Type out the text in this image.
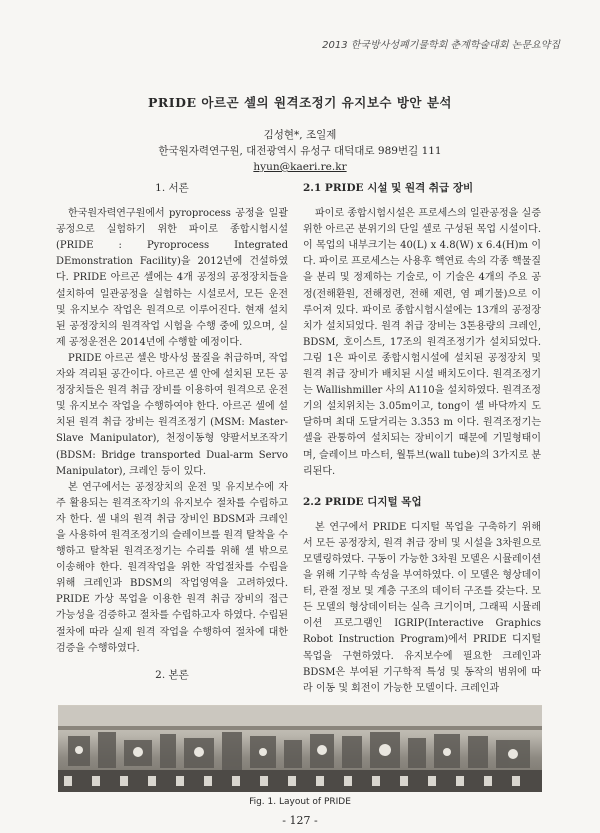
2013 한국방사성폐기물학회 춘계학술대회 논문요약집
PRIDE 아르곤 셀의 원격조정기 유지보수 방안 분석
김성현*, 조일제
한국원자력연구원, 대전광역시 유성구 대덕대로 989번길 111
hyun@kaeri.re.kr
1. 서론

한국원자력연구원에서 pyroprocess 공정을 일괄 공정으로 실험하기 위한 파이로 종합시험시설 (PRIDE : Pyroprocess Integrated DEmonstration Facility)을 2012년에 건설하였다. PRIDE 아르곤 셀에는 4개 공정의 공정장치들을 설치하여 일관공정을 실험하는 시설로서, 모든 운전 및 유지보수 작업은 원격으로 이루어진다. 현재 설치된 공정장치의 원격작업 시험을 수행 중에 있으며, 실제 공정운전은 2014년에 수행할 예정이다.

PRIDE 아르곤 셀은 방사성 물질을 취급하며, 작업자와 격리된 공간이다. 아르곤 셀 안에 설치된 모든 공정장치들은 원격 취급 장비를 이용하여 원격으로 운전 및 유지보수 작업을 수행하여야 한다. 아르곤 셀에 설치된 원격 취급 장비는 원격조정기 (MSM: Master-Slave Manipulator), 천정이동형 양팔서보조작기(BDSM: Bridge transported Dual-arm Servo Manipulator), 크레인 등이 있다.

본 연구에서는 공정장치의 운전 및 유지보수에 자주 활용되는 원격조작기의 유지보수 절차를 수립하고자 한다. 셀 내의 원격 취급 장비인 BDSM과 크레인을 사용하여 원격조정기의 슬레이브를 원격 탈착을 수행하고 탈착된 원격조정기는 수리를 위해 셀 밖으로 이송해야 한다. 원격작업을 위한 작업절차를 수립을 위해 크레인과 BDSM의 작업영역을 고려하였다. PRIDE 가상 목업을 이용한 원격 취급 장비의 접근 가능성을 검증하고 절차를 수립하고자 하였다. 수립된 절차에 따라 실제 원격 작업을 수행하여 절차에 대한 검증을 수행하였다.

2. 본론
2.1 PRIDE 시설 및 원격 취급 장비

파이로 종합시험시설은 프로세스의 일관공정을 실증위한 아르곤 분위기의 단일 셀로 구성된 목업 시설이다. 이 목업의 내부크기는 40(L) x 4.8(W) x 6.4(H)m 이다. 파이로 프로세스는 사용후 핵연료 속의 각종 핵물질을 분리 및 정제하는 기술로, 이 기술은 4개의 주요 공정(전해환원, 전해정련, 전해 제련, 염 폐기물)으로 이루어져 있다. 파이로 종합시험시설에는 13개의 공정장치가 설치되었다. 원격 취급 장비는 3톤용량의 크레인, BDSM, 호이스트, 17조의 원격조정기가 설치되었다. 그림 1은 파이로 종합시험시설에 설치된 공정장치 및 원격 취급 장비가 배치된 시설 배치도이다. 원격조정기는 Wallishmiller 사의 A110을 설치하였다. 원격조정기의 설치위치는 3.05m이고, tong이 셀 바닥까지 도달하며 최대 도달거리는 3.353 m 이다. 원격조정기는 셀을 관통하여 설치되는 장비이기 때문에 기밀형태이며, 슬레이브 마스터, 월튜브(wall tube)의 3가지로 분리된다.

2.2 PRIDE 디지털 목업

본 연구에서 PRIDE 디지털 목업을 구축하기 위해서 모든 공정장치, 원격 취급 장비 및 시설을 3차원으로 모델링하였다. 구동이 가능한 3차원 모델은 시뮬레이션을 위해 기구학 속성을 부여하였다. 이 모델은 형상데이터, 관절 정보 및 계층 구조의 데이터 구조를 갖는다. 모든 모델의 형상데이터는 실측 크기이며, 그래픽 시뮬레이션 프로그램인 IGRIP(Interactive Graphics Robot Instruction Program)에서 PRIDE 디지털 목업을 구현하였다. 유지보수에 필요한 크레인과 BDSM은 부여된 기구학적 특성 및 동작의 범위에 따라 이동 및 회전이 가능한 모델이다. 크레인과

Fig. 1. Layout of PRIDE
- 127 -
